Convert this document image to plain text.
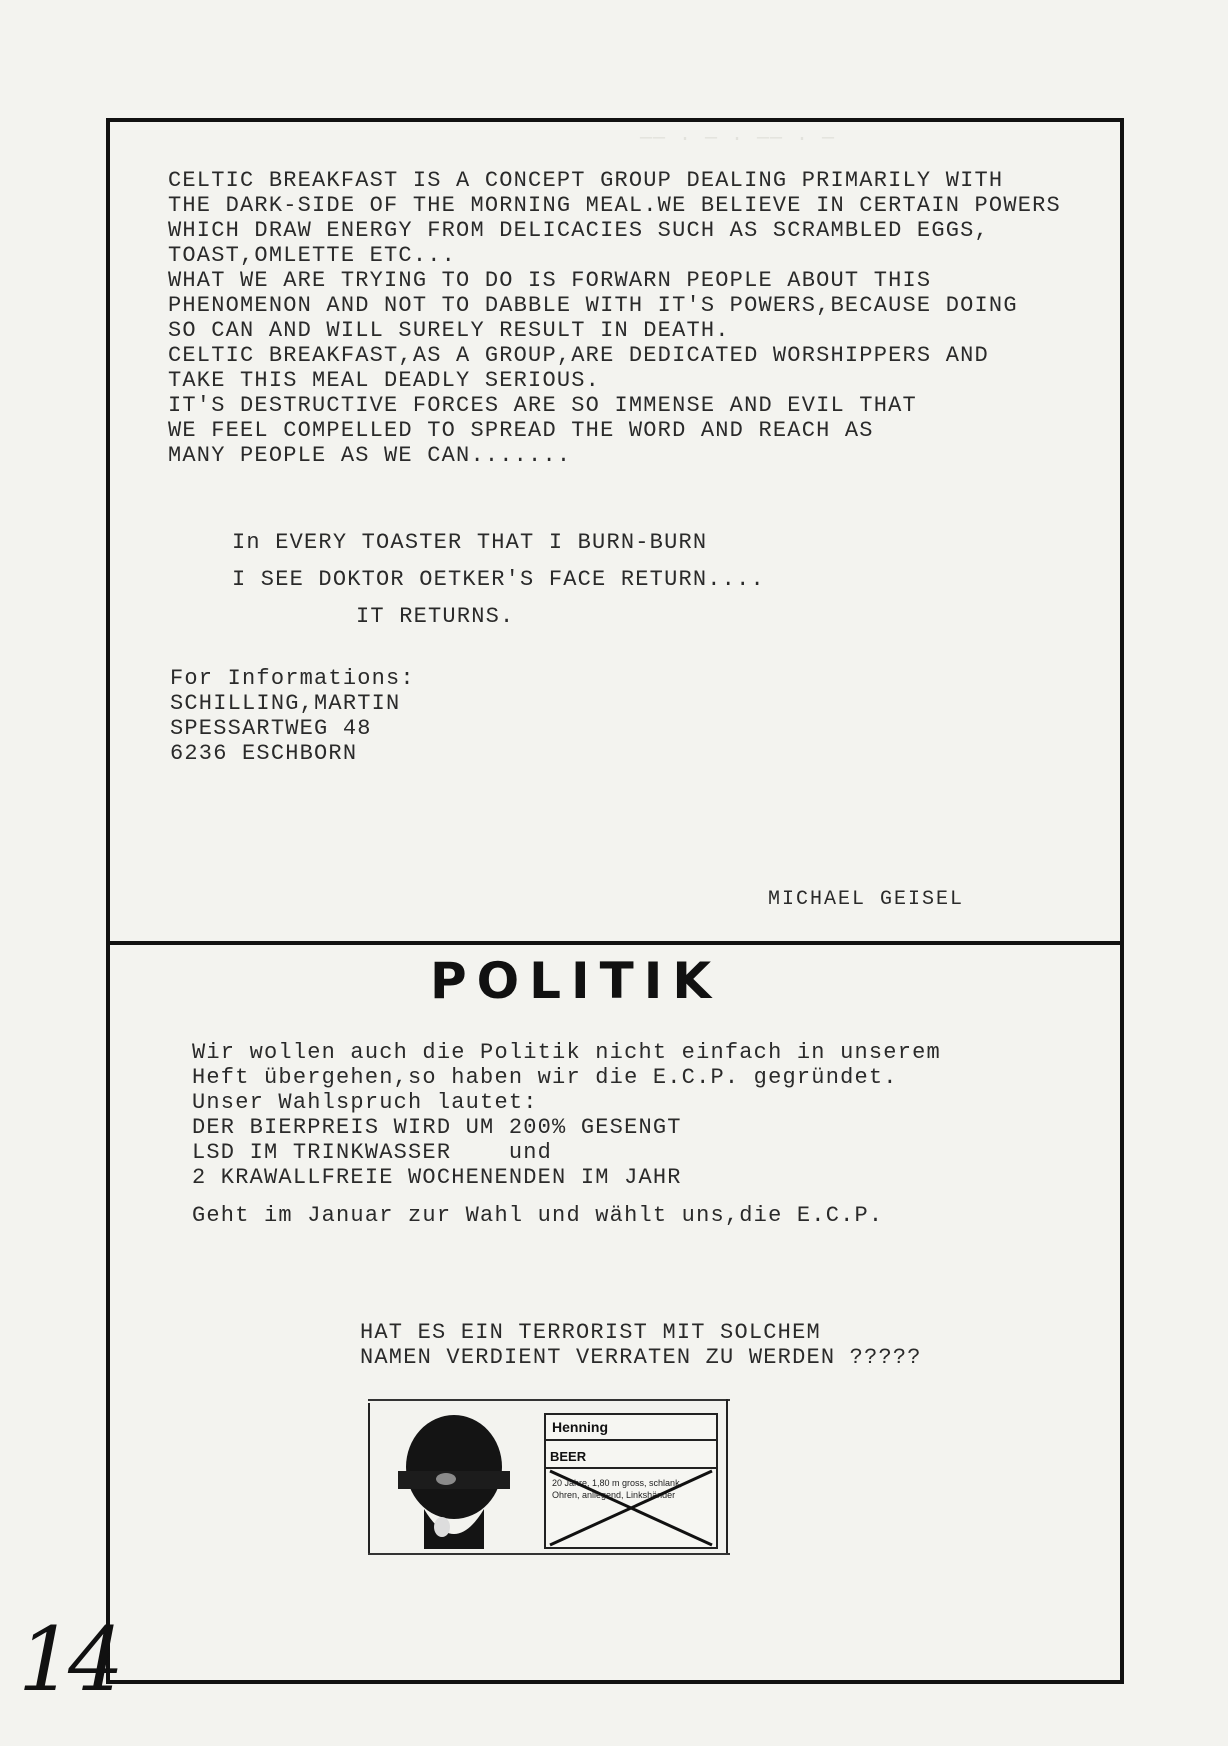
── · ─ · ── · ─
CELTIC BREAKFAST IS A CONCEPT GROUP DEALING PRIMARILY WITH
THE DARK-SIDE OF THE MORNING MEAL.WE BELIEVE IN CERTAIN POWERS
WHICH DRAW ENERGY FROM DELICACIES SUCH AS SCRAMBLED EGGS,
TOAST,OMLETTE ETC...
WHAT WE ARE TRYING TO DO IS FORWARN PEOPLE ABOUT THIS
PHENOMENON AND NOT TO DABBLE WITH IT'S POWERS,BECAUSE DOING
SO CAN AND WILL SURELY RESULT IN DEATH.
CELTIC BREAKFAST,AS A GROUP,ARE DEDICATED WORSHIPPERS AND
TAKE THIS MEAL DEADLY SERIOUS.
IT'S DESTRUCTIVE FORCES ARE SO IMMENSE AND EVIL THAT
WE FEEL COMPELLED TO SPREAD THE WORD AND REACH AS
MANY PEOPLE AS WE CAN.......
In EVERY TOASTER THAT I BURN-BURN
I SEE DOKTOR OETKER'S FACE RETURN....
IT RETURNS.
For Informations:
SCHILLING,MARTIN
SPESSARTWEG 48
6236 ESCHBORN
MICHAEL GEISEL
POLITIK
Wir wollen auch die Politik nicht einfach in unserem
Heft übergehen,so haben wir die E.C.P. gegründet.
Unser Wahlspruch lautet:
DER BIERPREIS WIRD UM 200% GESENGT
LSD IM TRINKWASSER    und
2 KRAWALLFREIE WOCHENENDEN IM JAHR
Geht im Januar zur Wahl und wählt uns,die E.C.P.
HAT ES EIN TERRORIST MIT SOLCHEM
NAMEN VERDIENT VERRATEN ZU WERDEN ?????
Henning
BEER
20 Jahre, 1,80 m gross, schlank, Ohren, anliegend, Linkshänder
14
